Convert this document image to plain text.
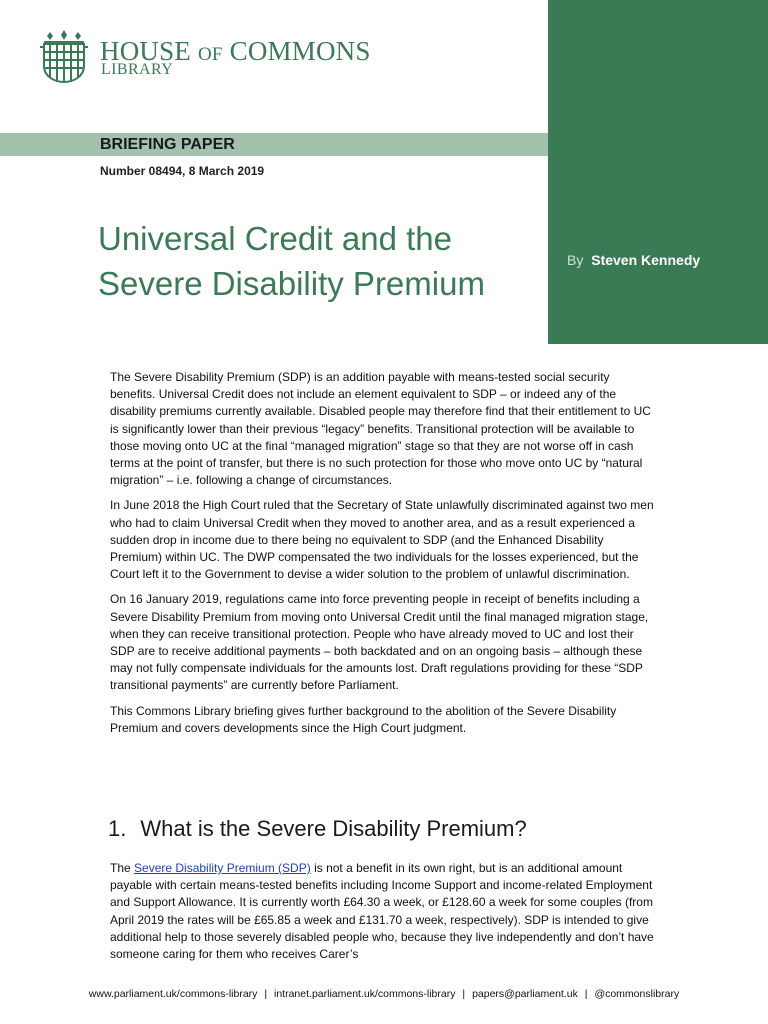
HOUSE OF COMMONS
LIBRARY
BRIEFING PAPER
Number 08494, 8 March 2019
Universal Credit and the
Severe Disability Premium
By Steven Kennedy

The Severe Disability Premium (SDP) is an addition payable with means-tested social security benefits. Universal Credit does not include an element equivalent to SDP – or indeed any of the disability premiums currently available. Disabled people may therefore find that their entitlement to UC is significantly lower than their previous “legacy” benefits. Transitional protection will be available to those moving onto UC at the final “managed migration” stage so that they are not worse off in cash terms at the point of transfer, but there is no such protection for those who move onto UC by “natural migration” – i.e. following a change of circumstances.

In June 2018 the High Court ruled that the Secretary of State unlawfully discriminated against two men who had to claim Universal Credit when they moved to another area, and as a result experienced a sudden drop in income due to there being no equivalent to SDP (and the Enhanced Disability Premium) within UC. The DWP compensated the two individuals for the losses experienced, but the Court left it to the Government to devise a wider solution to the problem of unlawful discrimination.

On 16 January 2019, regulations came into force preventing people in receipt of benefits including a Severe Disability Premium from moving onto Universal Credit until the final managed migration stage, when they can receive transitional protection. People who have already moved to UC and lost their SDP are to receive additional payments – both backdated and on an ongoing basis – although these may not fully compensate individuals for the amounts lost. Draft regulations providing for these “SDP transitional payments” are currently before Parliament.

This Commons Library briefing gives further background to the abolition of the Severe Disability Premium and covers developments since the High Court judgment.

1. What is the Severe Disability Premium?

The Severe Disability Premium (SDP) is not a benefit in its own right, but is an additional amount payable with certain means-tested benefits including Income Support and income-related Employment and Support Allowance. It is currently worth £64.30 a week, or £128.60 a week for some couples (from April 2019 the rates will be £65.85 a week and £131.70 a week, respectively). SDP is intended to give additional help to those severely disabled people who, because they live independently and don’t have someone caring for them who receives Carer’s

www.parliament.uk/commons-library | intranet.parliament.uk/commons-library | papers@parliament.uk | @commonslibrary
